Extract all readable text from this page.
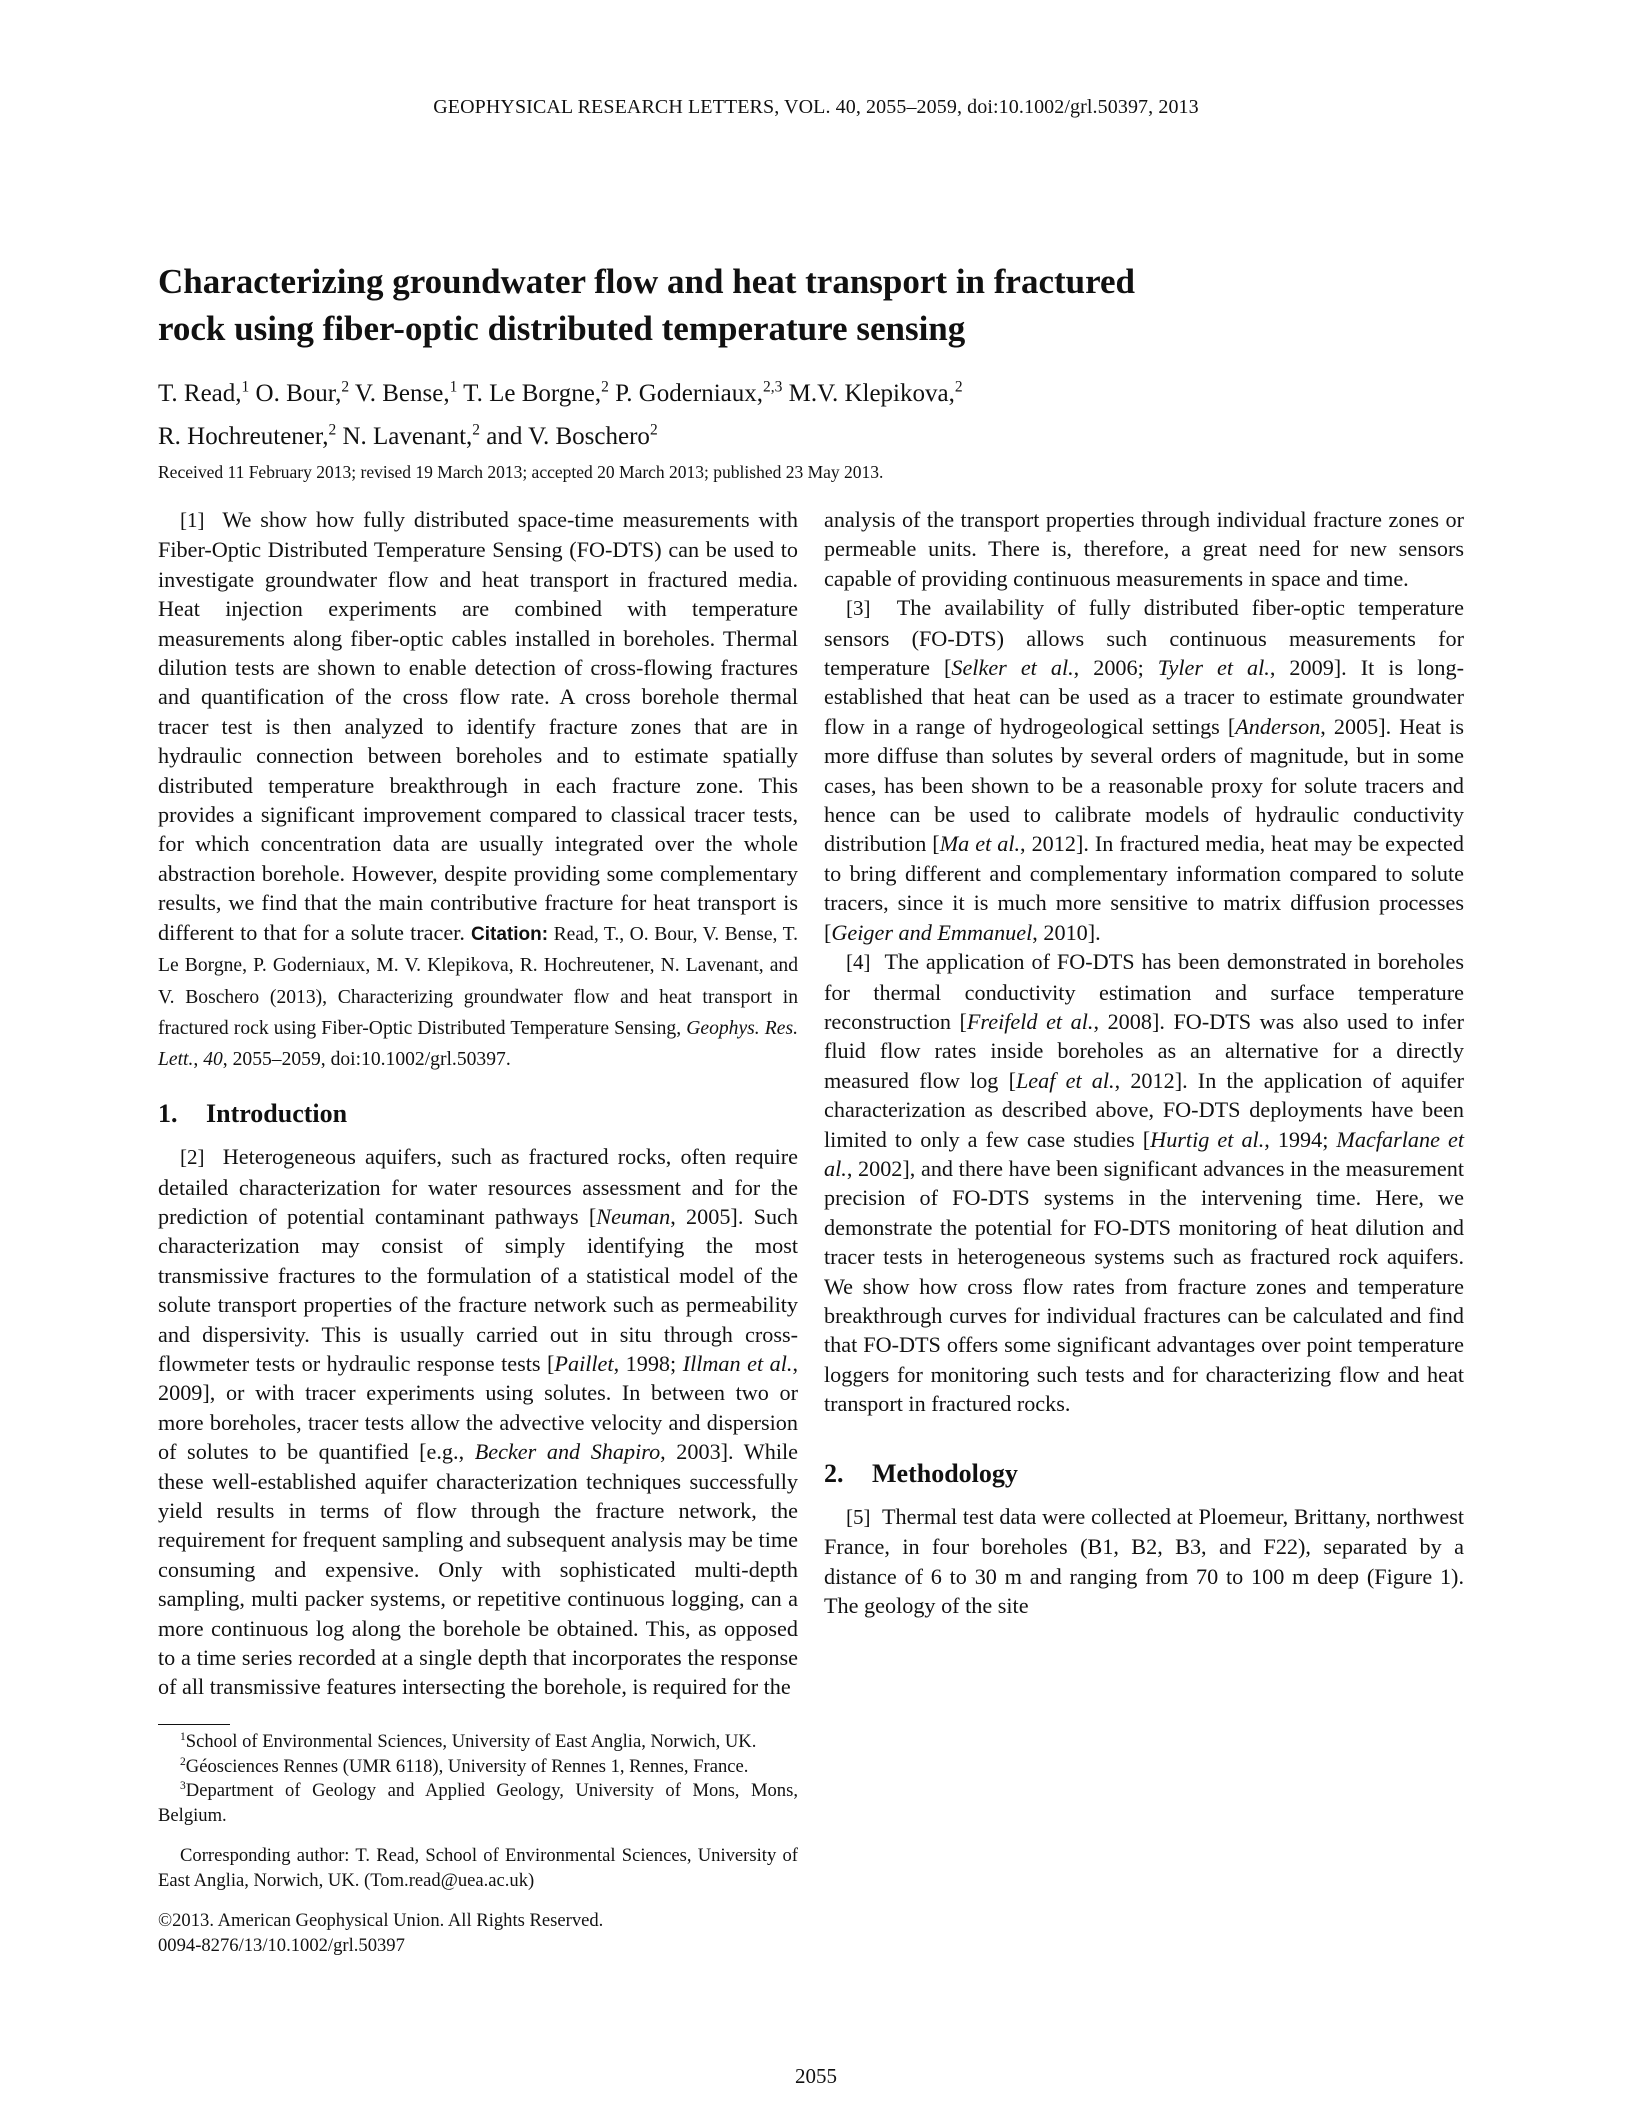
GEOPHYSICAL RESEARCH LETTERS, VOL. 40, 2055–2059, doi:10.1002/grl.50397, 2013
Characterizing groundwater flow and heat transport in fractured
rock using fiber-optic distributed temperature sensing
T. Read,$^1$ O. Bour,$^2$ V. Bense,$^1$ T. Le Borgne,$^2$ P. Goderniaux,$^{2,3}$ M.V. Klepikova,$^2$
R. Hochreutener,$^2$ N. Lavenant,$^2$ and V. Boschero$^2$
Received 11 February 2013; revised 19 March 2013; accepted 20 March 2013; published 23 May 2013.

[1] We show how fully distributed space-time measurements with Fiber-Optic Distributed Temperature Sensing (FO-DTS) can be used to investigate groundwater flow and heat transport in fractured media. Heat injection experiments are combined with temperature measurements along fiber-optic cables installed in boreholes. Thermal dilution tests are shown to enable detection of cross-flowing fractures and quantification of the cross flow rate. A cross borehole thermal tracer test is then analyzed to identify fracture zones that are in hydraulic connection between boreholes and to estimate spatially distributed temperature breakthrough in each fracture zone. This provides a significant improvement compared to classical tracer tests, for which concentration data are usually integrated over the whole abstraction borehole. However, despite providing some complementary results, we find that the main contributive fracture for heat transport is different to that for a solute tracer. Citation: Read, T., O. Bour, V. Bense, T. Le Borgne, P. Goderniaux, M. V. Klepikova, R. Hochreutener, N. Lavenant, and V. Boschero (2013), Characterizing groundwater flow and heat transport in fractured rock using Fiber-Optic Distributed Temperature Sensing, Geophys. Res. Lett., 40, 2055–2059, doi:10.1002/grl.50397.

1. Introduction

[2] Heterogeneous aquifers, such as fractured rocks, often require detailed characterization for water resources assessment and for the prediction of potential contaminant pathways [Neuman, 2005]. Such characterization may consist of simply identifying the most transmissive fractures to the formulation of a statistical model of the solute transport properties of the fracture network such as permeability and dispersivity. This is usually carried out in situ through cross-flowmeter tests or hydraulic response tests [Paillet, 1998; Illman et al., 2009], or with tracer experiments using solutes. In between two or more boreholes, tracer tests allow the advective velocity and dispersion of solutes to be quantified [e.g., Becker and Shapiro, 2003]. While these well-established aquifer characterization techniques successfully yield results in terms of flow through the fracture network, the requirement for frequent sampling and subsequent analysis may be time consuming and expensive. Only with sophisticated multi-depth sampling, multi packer systems, or repetitive continuous logging, can a more continuous log along the borehole be obtained. This, as opposed to a time series recorded at a single depth that incorporates the response of all transmissive features intersecting the borehole, is required for the

analysis of the transport properties through individual fracture zones or permeable units. There is, therefore, a great need for new sensors capable of providing continuous measurements in space and time.

[3] The availability of fully distributed fiber-optic temperature sensors (FO-DTS) allows such continuous measurements for temperature [Selker et al., 2006; Tyler et al., 2009]. It is long-established that heat can be used as a tracer to estimate groundwater flow in a range of hydrogeological settings [Anderson, 2005]. Heat is more diffuse than solutes by several orders of magnitude, but in some cases, has been shown to be a reasonable proxy for solute tracers and hence can be used to calibrate models of hydraulic conductivity distribution [Ma et al., 2012]. In fractured media, heat may be expected to bring different and complementary information compared to solute tracers, since it is much more sensitive to matrix diffusion processes [Geiger and Emmanuel, 2010].

[4] The application of FO-DTS has been demonstrated in boreholes for thermal conductivity estimation and surface temperature reconstruction [Freifeld et al., 2008]. FO-DTS was also used to infer fluid flow rates inside boreholes as an alternative for a directly measured flow log [Leaf et al., 2012]. In the application of aquifer characterization as described above, FO-DTS deployments have been limited to only a few case studies [Hurtig et al., 1994; Macfarlane et al., 2002], and there have been significant advances in the measurement precision of FO-DTS systems in the intervening time. Here, we demonstrate the potential for FO-DTS monitoring of heat dilution and tracer tests in heterogeneous systems such as fractured rock aquifers. We show how cross flow rates from fracture zones and temperature breakthrough curves for individual fractures can be calculated and find that FO-DTS offers some significant advantages over point temperature loggers for monitoring such tests and for characterizing flow and heat transport in fractured rocks.

2. Methodology

[5] Thermal test data were collected at Ploemeur, Brittany, northwest France, in four boreholes (B1, B2, B3, and F22), separated by a distance of 6 to 30 m and ranging from 70 to 100 m deep (Figure 1). The geology of the site

$^1$School of Environmental Sciences, University of East Anglia, Norwich, UK.

$^2$Géosciences Rennes (UMR 6118), University of Rennes 1, Rennes, France.

$^3$Department of Geology and Applied Geology, University of Mons, Mons, Belgium.

Corresponding author: T. Read, School of Environmental Sciences, University of East Anglia, Norwich, UK. (Tom.read@uea.ac.uk)

©2013. American Geophysical Union. All Rights Reserved.

0094-8276/13/10.1002/grl.50397

2055
